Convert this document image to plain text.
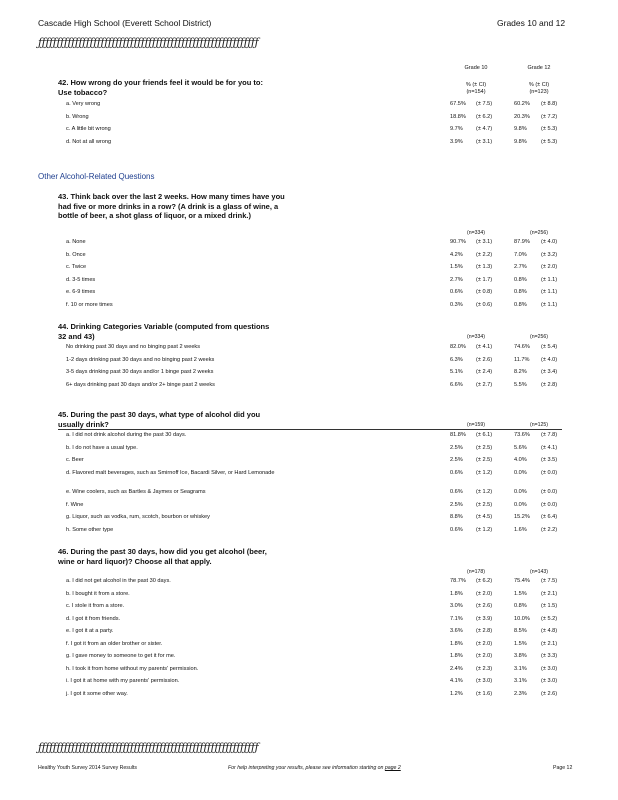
Cascade High School (Everett School District)	Grades 10 and 12
ƒƒƒƒƒƒƒƒƒƒƒƒƒƒƒƒƒƒƒƒƒƒƒƒƒƒƒƒƒƒƒƒƒƒƒƒƒƒƒƒƒƒƒƒƒƒƒƒƒƒƒƒƒƒƒƒƒƒƒƒ
Grade 10	Grade 12
42. How wrong do your friends feel it would be for you to: Use tobacco?
% (± CI)	% (± CI)
(n=154)	(n=123)
a. Very wrong	67.5%	(± 7.5)	60.2%	(± 8.8)
b. Wrong	18.8%	(± 6.2)	20.3%	(± 7.2)
c. A little bit wrong	9.7%	(± 4.7)	9.8%	(± 5.3)
d. Not at all wrong	3.9%	(± 3.1)	9.8%	(± 5.3)
Other Alcohol-Related Questions
43. Think back over the last 2 weeks. How many times have you had five or more drinks in a row? (A drink is a glass of wine, a bottle of beer, a shot glass of liquor, or a mixed drink.)
(n=334)	(n=256)
a. None	90.7%	(± 3.1)	87.9%	(± 4.0)
b. Once	4.2%	(± 2.2)	7.0%	(± 3.2)
c. Twice	1.5%	(± 1.3)	2.7%	(± 2.0)
d. 3-5 times	2.7%	(± 1.7)	0.8%	(± 1.1)
e. 6-9 times	0.6%	(± 0.8)	0.8%	(± 1.1)
f. 10 or more times	0.3%	(± 0.6)	0.8%	(± 1.1)
44. Drinking Categories Variable (computed from questions 32 and 43)	(n=334)	(n=256)
No drinking past 30 days and no binging past 2 weeks	82.0%	(± 4.1)	74.6%	(± 5.4)
1-2 days drinking past 30 days and no binging past 2 weeks	6.3%	(± 2.6)	11.7%	(± 4.0)
3-5 days drinking past 30 days and/or 1 binge past 2 weeks	5.1%	(± 2.4)	8.2%	(± 3.4)
6+ days drinking past 30 days and/or 2+ binge past 2 weeks	6.6%	(± 2.7)	5.5%	(± 2.8)
45. During the past 30 days, what type of alcohol did you usually drink?	(n=159)	(n=125)
a. I did not drink alcohol during the past 30 days.	81.8%	(± 6.1)	73.6%	(± 7.8)
b. I do not have a usual type.	2.5%	(± 2.5)	5.6%	(± 4.1)
c. Beer	2.5%	(± 2.5)	4.0%	(± 3.5)
d. Flavored malt beverages, such as Smirnoff Ice, Bacardi Silver, or Hard Lemonade	0.6%	(± 1.2)	0.0%	(± 0.0)
e. Wine coolers, such as Bartles & Jaymes or Seagrams	0.6%	(± 1.2)	0.0%	(± 0.0)
f. Wine	2.5%	(± 2.5)	0.0%	(± 0.0)
g. Liquor, such as vodka, rum, scotch, bourbon or whiskey	8.8%	(± 4.5)	15.2%	(± 6.4)
h. Some other type	0.6%	(± 1.2)	1.6%	(± 2.2)
46. During the past 30 days, how did you get alcohol (beer, wine or hard liquor)? Choose all that apply.
(n=178)	(n=143)
a. I did not get alcohol in the past 30 days.	78.7%	(± 6.2)	75.4%	(± 7.5)
b. I bought it from a store.	1.8%	(± 2.0)	1.5%	(± 2.1)
c. I stole it from a store.	3.0%	(± 2.6)	0.8%	(± 1.5)
d. I got it from friends.	7.1%	(± 3.9)	10.0%	(± 5.2)
e. I got it at a party.	3.6%	(± 2.8)	8.5%	(± 4.8)
f. I got it from an older brother or sister.	1.8%	(± 2.0)	1.5%	(± 2.1)
g. I gave money to someone to get it for me.	1.8%	(± 2.0)	3.8%	(± 3.3)
h. I took it from home without my parents' permission.	2.4%	(± 2.3)	3.1%	(± 3.0)
i. I got it at home with my parents' permission.	4.1%	(± 3.0)	3.1%	(± 3.0)
j. I got it some other way.	1.2%	(± 1.6)	2.3%	(± 2.6)
ƒƒƒƒƒƒƒƒƒƒƒƒƒƒƒƒƒƒƒƒƒƒƒƒƒƒƒƒƒƒƒƒƒƒƒƒƒƒƒƒƒƒƒƒƒƒƒƒƒƒƒƒƒƒƒƒƒƒƒƒ
Healthy Youth Survey 2014 Survey Results	For help interpreting your results, please see information starting on page 2	Page 12
